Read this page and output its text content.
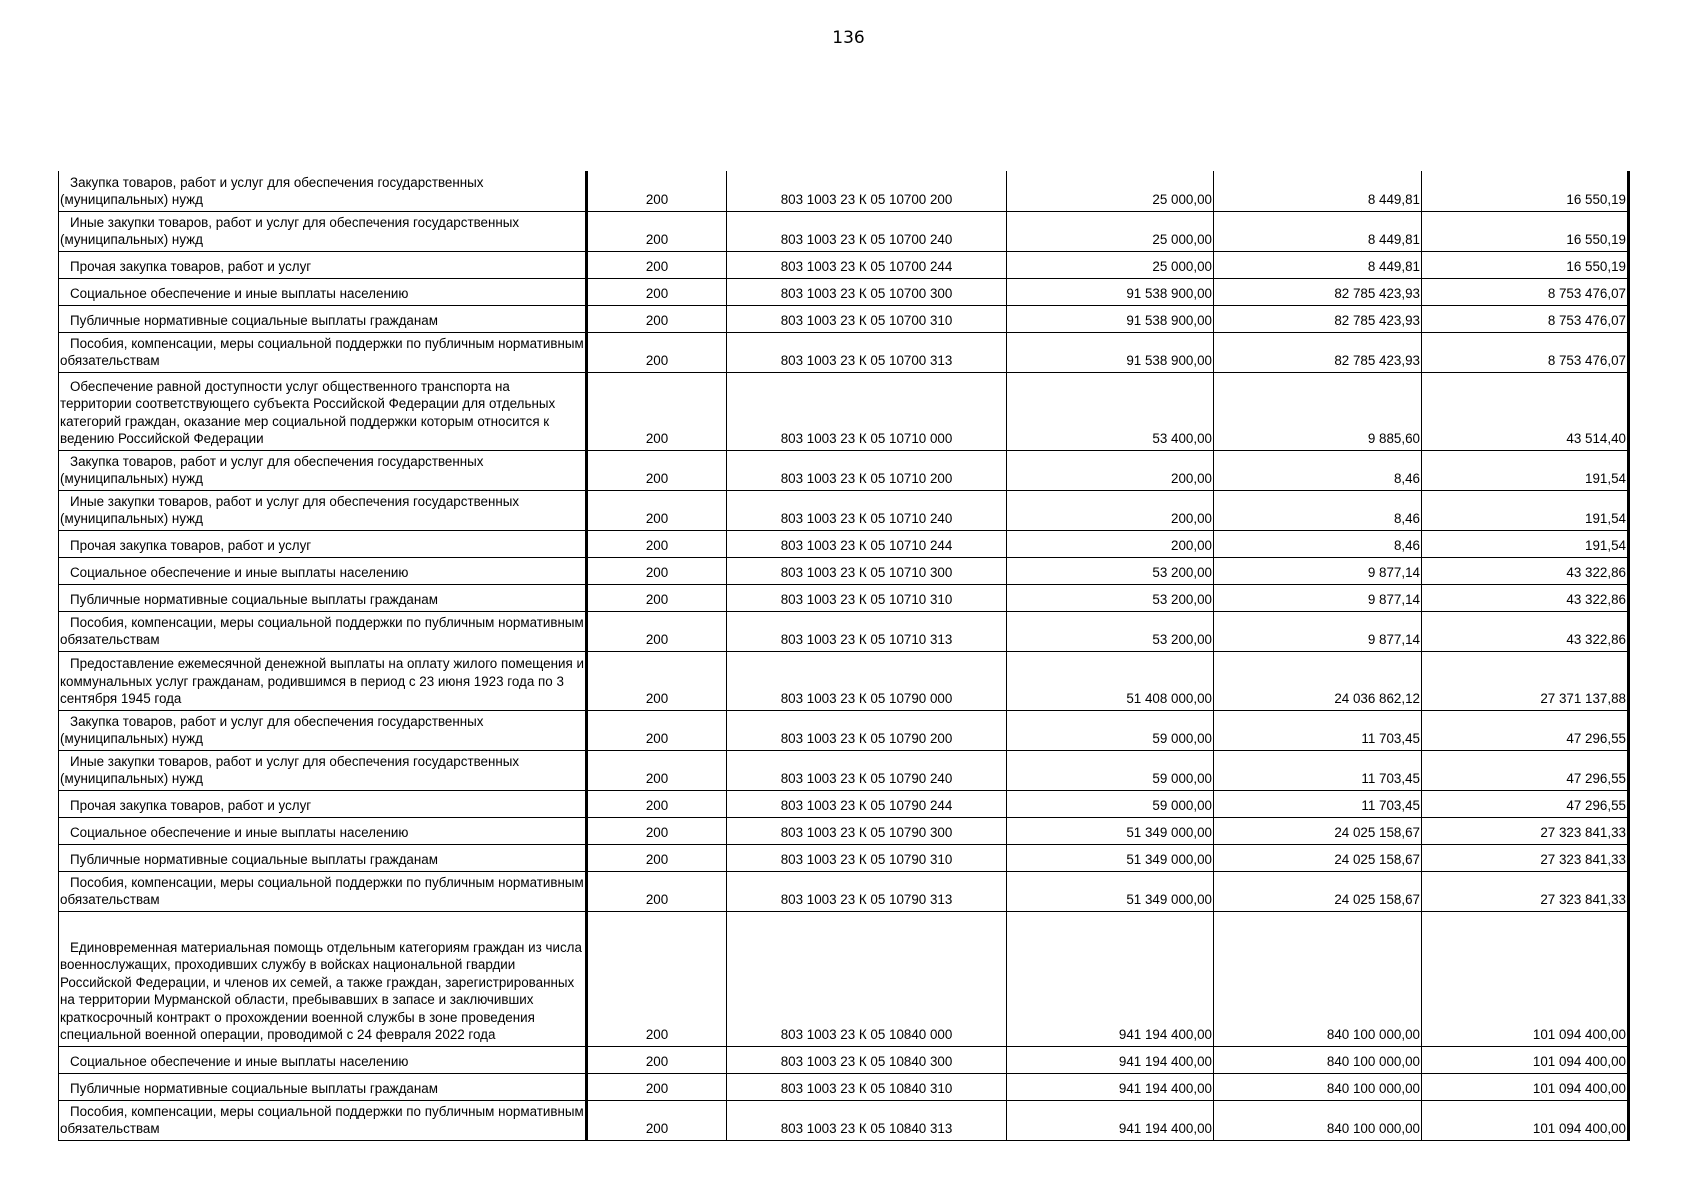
136
Закупка товаров, работ и услуг для обеспечения государственных (муниципальных) нужд	200	803 1003 23 К 05 10700 200	25 000,00	8 449,81	16 550,19

Иные закупки товаров, работ и услуг для обеспечения государственных (муниципальных) нужд	200	803 1003 23 К 05 10700 240	25 000,00	8 449,81	16 550,19

Прочая закупка товаров, работ и услуг	200	803 1003 23 К 05 10700 244	25 000,00	8 449,81	16 550,19

Социальное обеспечение и иные выплаты населению	200	803 1003 23 К 05 10700 300	91 538 900,00	82 785 423,93	8 753 476,07

Публичные нормативные социальные выплаты гражданам	200	803 1003 23 К 05 10700 310	91 538 900,00	82 785 423,93	8 753 476,07

Пособия, компенсации, меры социальной поддержки по публичным нормативным обязательствам	200	803 1003 23 К 05 10700 313	91 538 900,00	82 785 423,93	8 753 476,07

Обеспечение равной доступности услуг общественного транспорта на территории соответствующего субъекта Российской Федерации для отдельных категорий граждан, оказание мер социальной поддержки которым относится к ведению Российской Федерации	200	803 1003 23 К 05 10710 000	53 400,00	9 885,60	43 514,40

Закупка товаров, работ и услуг для обеспечения государственных (муниципальных) нужд	200	803 1003 23 К 05 10710 200	200,00	8,46	191,54

Иные закупки товаров, работ и услуг для обеспечения государственных (муниципальных) нужд	200	803 1003 23 К 05 10710 240	200,00	8,46	191,54

Прочая закупка товаров, работ и услуг	200	803 1003 23 К 05 10710 244	200,00	8,46	191,54

Социальное обеспечение и иные выплаты населению	200	803 1003 23 К 05 10710 300	53 200,00	9 877,14	43 322,86

Публичные нормативные социальные выплаты гражданам	200	803 1003 23 К 05 10710 310	53 200,00	9 877,14	43 322,86

Пособия, компенсации, меры социальной поддержки по публичным нормативным обязательствам	200	803 1003 23 К 05 10710 313	53 200,00	9 877,14	43 322,86

Предоставление ежемесячной денежной выплаты на оплату жилого помещения и коммунальных услуг гражданам, родившимся в период с 23 июня 1923 года по 3 сентября 1945 года	200	803 1003 23 К 05 10790 000	51 408 000,00	24 036 862,12	27 371 137,88

Закупка товаров, работ и услуг для обеспечения государственных (муниципальных) нужд	200	803 1003 23 К 05 10790 200	59 000,00	11 703,45	47 296,55

Иные закупки товаров, работ и услуг для обеспечения государственных (муниципальных) нужд	200	803 1003 23 К 05 10790 240	59 000,00	11 703,45	47 296,55

Прочая закупка товаров, работ и услуг	200	803 1003 23 К 05 10790 244	59 000,00	11 703,45	47 296,55

Социальное обеспечение и иные выплаты населению	200	803 1003 23 К 05 10790 300	51 349 000,00	24 025 158,67	27 323 841,33

Публичные нормативные социальные выплаты гражданам	200	803 1003 23 К 05 10790 310	51 349 000,00	24 025 158,67	27 323 841,33

Пособия, компенсации, меры социальной поддержки по публичным нормативным обязательствам	200	803 1003 23 К 05 10790 313	51 349 000,00	24 025 158,67	27 323 841,33

Единовременная материальная помощь отдельным категориям граждан из числа военнослужащих, проходивших службу в войсках национальной гвардии Российской Федерации, и членов их семей, а также граждан, зарегистрированных на территории Мурманской области, пребывавших в запасе и заключивших краткосрочный контракт о прохождении военной службы в зоне проведения специальной военной операции, проводимой с 24 февраля 2022 года	200	803 1003 23 К 05 10840 000	941 194 400,00	840 100 000,00	101 094 400,00

Социальное обеспечение и иные выплаты населению	200	803 1003 23 К 05 10840 300	941 194 400,00	840 100 000,00	101 094 400,00

Публичные нормативные социальные выплаты гражданам	200	803 1003 23 К 05 10840 310	941 194 400,00	840 100 000,00	101 094 400,00

Пособия, компенсации, меры социальной поддержки по публичным нормативным обязательствам	200	803 1003 23 К 05 10840 313	941 194 400,00	840 100 000,00	101 094 400,00
